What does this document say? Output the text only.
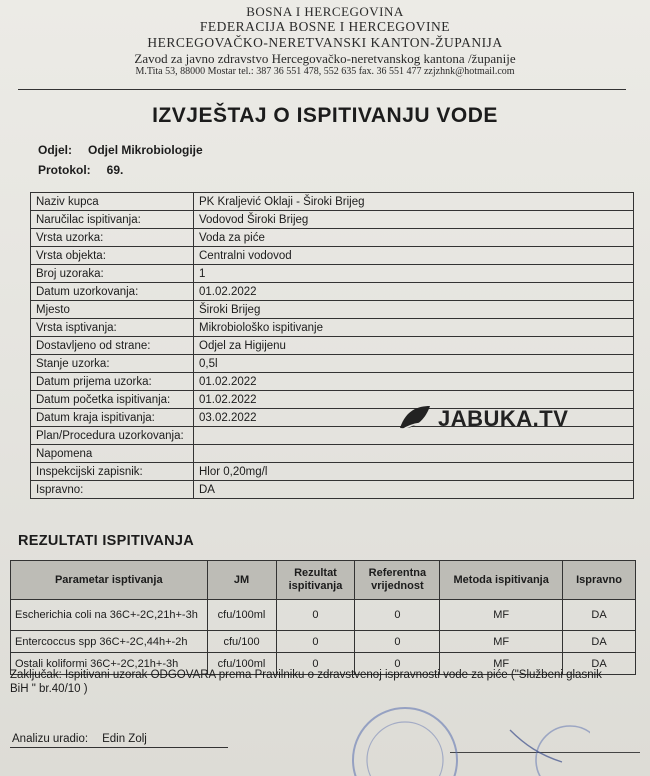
BOSNA I HERCEGOVINA
FEDERACIJA BOSNE I HERCEGOVINE
HERCEGOVAČKO-NERETVANSKI KANTON-ŽUPANIJA
Zavod za javno zdravstvo Hercegovačko-neretvanskog kantona /županije
M.Tita 53, 88000 Mostar tel.: 387 36 551 478, 552 635 fax. 36 551 477 zzjzhnk@hotmail.com
IZVJEŠTAJ O ISPITIVANJU VODE
Odjel: Odjel Mikrobiologije
Protokol: 69.
Naziv kupca	PK Kraljević Oklaji - Široki Brijeg
Naručilac ispitivanja:	Vodovod Široki Brijeg
Vrsta uzorka:	Voda za piće
Vrsta objekta:	Centralni vodovod
Broj uzoraka:	1
Datum uzorkovanja:	01.02.2022
Mjesto	Široki Brijeg
Vrsta isptivanja:	Mikrobiološko ispitivanje
Dostavljeno od strane:	Odjel za Higijenu
Stanje uzorka:	0,5l
Datum prijema uzorka:	01.02.2022
Datum početka ispitivanja:	01.02.2022
Datum kraja ispitivanja:	03.02.2022
Plan/Procedura uzorkovanja:	
Napomena	
Inspekcijski zapisnik:	Hlor 0,20mg/l
Ispravno:	DA
JABUKA.TV
REZULTATI ISPITIVANJA
Parametar isptivanja	JM	Rezultat ispitivanja	Referentna vrijednost	Metoda ispitivanja	Ispravno
Escherichia coli na 36C+-2C,21h+-3h	cfu/100ml	0	0	MF	DA
Entercoccus spp 36C+-2C,44h+-2h	cfu/100	0	0	MF	DA
Ostali koliformi 36C+-2C,21h+-3h	cfu/100ml	0	0	MF	DA
Zaključak: Ispitivani uzorak ODGOVARA prema Pravilniku o zdravstvenoj ispravnosti vode za piće ("Službeni glasnik BiH " br.40/10 )
Analizu uradio: Edin Zolj
